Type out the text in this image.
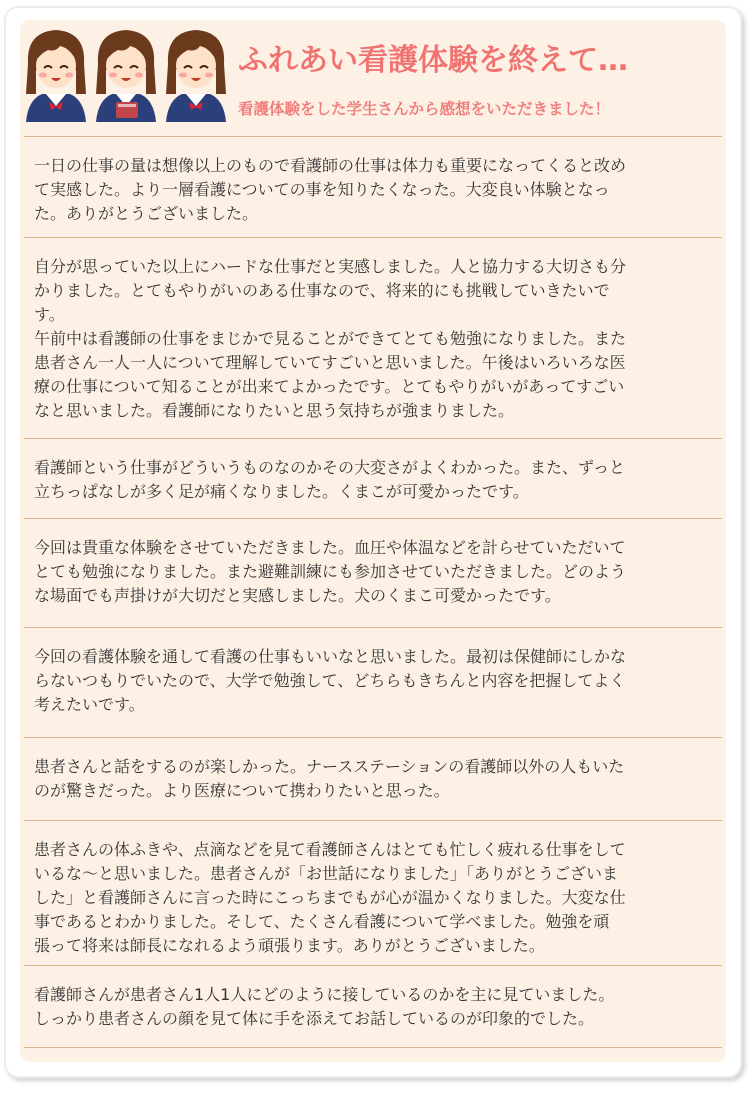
ふれあい看護体験を終えて…
看護体験をした学生さんから感想をいただきました！

一日の仕事の量は想像以上のもので看護師の仕事は体力も重要になってくると改め
て実感した。より一層看護についての事を知りたくなった。大変良い体験となっ
た。ありがとうございました。

自分が思っていた以上にハードな仕事だと実感しました。人と協力する大切さも分
かりました。とてもやりがいのある仕事なので、将来的にも挑戦していきたいで
す。
午前中は看護師の仕事をまじかで見ることができてとても勉強になりました。また
患者さん一人一人について理解していてすごいと思いました。午後はいろいろな医
療の仕事について知ることが出来てよかったです。とてもやりがいがあってすごい
なと思いました。看護師になりたいと思う気持ちが強まりました。

看護師という仕事がどういうものなのかその大変さがよくわかった。また、ずっと
立ちっぱなしが多く足が痛くなりました。くまこが可愛かったです。

今回は貴重な体験をさせていただきました。血圧や体温などを計らせていただいて
とても勉強になりました。また避難訓練にも参加させていただきました。どのよう
な場面でも声掛けが大切だと実感しました。犬のくまこ可愛かったです。

今回の看護体験を通して看護の仕事もいいなと思いました。最初は保健師にしかな
らないつもりでいたので、大学で勉強して、どちらもきちんと内容を把握してよく
考えたいです。

患者さんと話をするのが楽しかった。ナースステーションの看護師以外の人もいた
のが驚きだった。より医療について携わりたいと思った。

患者さんの体ふきや、点滴などを見て看護師さんはとても忙しく疲れる仕事をして
いるな〜と思いました。患者さんが「お世話になりました」「ありがとうございま
した」と看護師さんに言った時にこっちまでもが心が温かくなりました。大変な仕
事であるとわかりました。そして、たくさん看護について学べました。勉強を頑
張って将来は師長になれるよう頑張ります。ありがとうございました。

看護師さんが患者さん1人1人にどのように接しているのかを主に見ていました。
しっかり患者さんの顔を見て体に手を添えてお話しているのが印象的でした。
